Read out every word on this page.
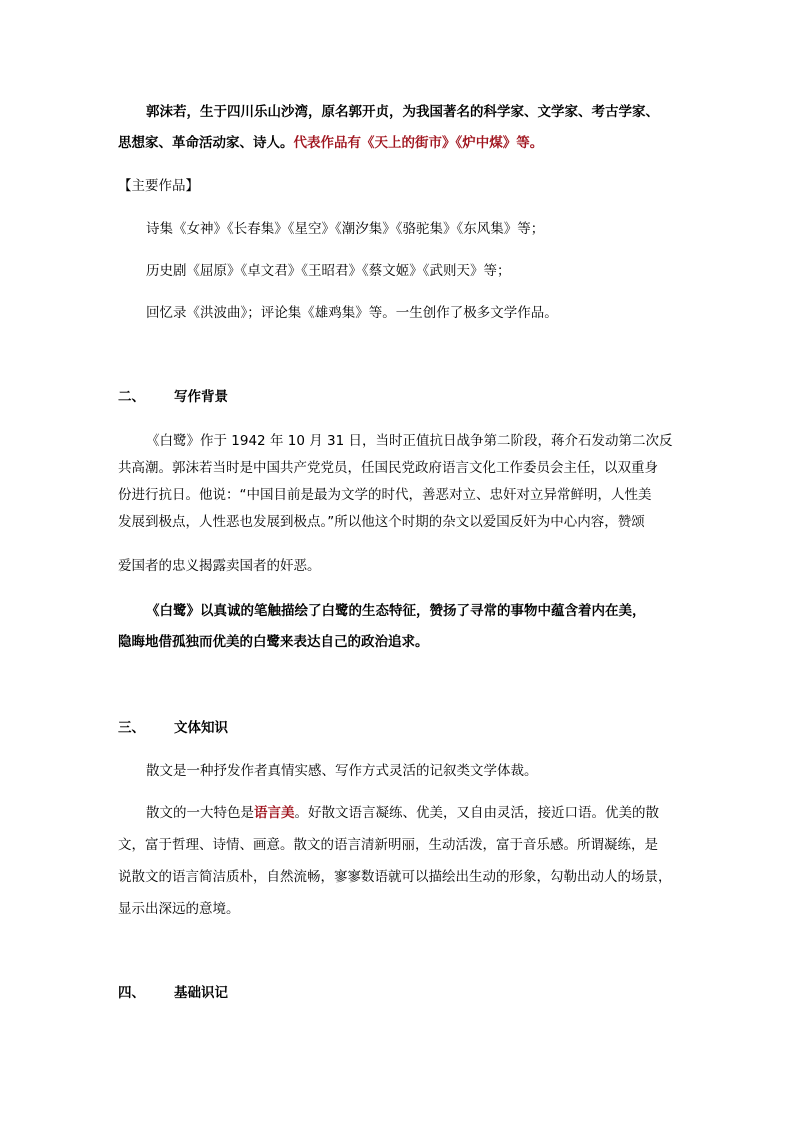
郭沫若，生于四川乐山沙湾，原名郭开贞，为我国著名的科学家、文学家、考古学家、
思想家、革命活动家、诗人。代表作品有《天上的街市》《炉中煤》等。
【主要作品】
诗集《女神》《长春集》《星空》《潮汐集》《骆驼集》《东风集》等；
历史剧《屈原》《卓文君》《王昭君》《蔡文姬》《武则天》等；
回忆录《洪波曲》；评论集《雄鸡集》等。一生创作了极多文学作品。
二、 写作背景
《白鹭》作于 1942 年 10 月 31 日，当时正值抗日战争第二阶段，蒋介石发动第二次反
共高潮。郭沫若当时是中国共产党党员，任国民党政府语言文化工作委员会主任，以双重身
份进行抗日。他说：“中国目前是最为文学的时代，善恶对立、忠奸对立异常鲜明，人性美
发展到极点，人性恶也发展到极点。”所以他这个时期的杂文以爱国反奸为中心内容，赞颂
爱国者的忠义揭露卖国者的奸恶。
《白鹭》以真诚的笔触描绘了白鹭的生态特征，赞扬了寻常的事物中蕴含着内在美，
隐晦地借孤独而优美的白鹭来表达自己的政治追求。
三、 文体知识
散文是一种抒发作者真情实感、写作方式灵活的记叙类文学体裁。
散文的一大特色是语言美。好散文语言凝练、优美，又自由灵活，接近口语。优美的散
文，富于哲理、诗情、画意。散文的语言清新明丽，生动活泼，富于音乐感。所谓凝练，是
说散文的语言简洁质朴，自然流畅，寥寥数语就可以描绘出生动的形象，勾勒出动人的场景，
显示出深远的意境。
四、 基础识记
